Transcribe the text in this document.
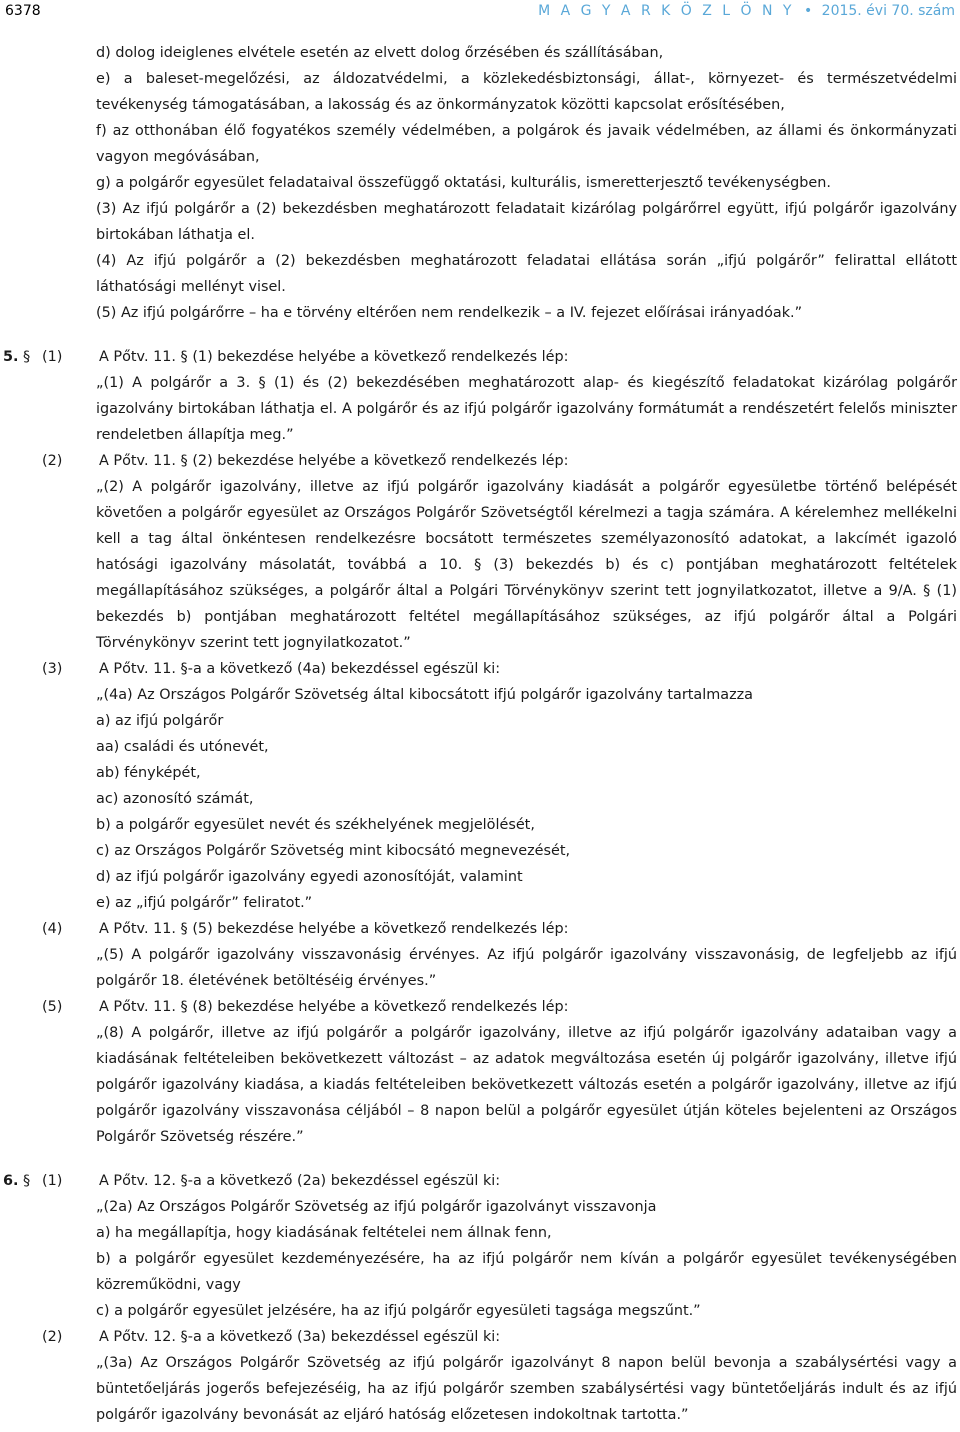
6378	M A G Y A R K Ö Z L Ö N Y • 2015. évi 70. szám
d) dolog ideiglenes elvétele esetén az elvett dolog őrzésében és szállításában,
e) a baleset-megelőzési, az áldozatvédelmi, a közlekedésbiztonsági, állat-, környezet- és természetvédelmi tevékenység támogatásában, a lakosság és az önkormányzatok közötti kapcsolat erősítésében,
f) az otthonában élő fogyatékos személy védelmében, a polgárok és javaik védelmében, az állami és önkormányzati vagyon megóvásában,
g) a polgárőr egyesület feladataival összefüggő oktatási, kulturális, ismeretterjesztő tevékenységben.
(3) Az ifjú polgárőr a (2) bekezdésben meghatározott feladatait kizárólag polgárőrrel együtt, ifjú polgárőr igazolvány birtokában láthatja el.
(4) Az ifjú polgárőr a (2) bekezdésben meghatározott feladatai ellátása során „ifjú polgárőr” felirattal ellátott láthatósági mellényt visel.
(5) Az ifjú polgárőrre – ha e törvény eltérően nem rendelkezik – a IV. fejezet előírásai irányadóak.”
5. § (1)	A Pőtv. 11. § (1) bekezdése helyébe a következő rendelkezés lép:
„(1) A polgárőr a 3. § (1) és (2) bekezdésében meghatározott alap- és kiegészítő feladatokat kizárólag polgárőr igazolvány birtokában láthatja el. A polgárőr és az ifjú polgárőr igazolvány formátumát a rendészetért felelős miniszter rendeletben állapítja meg.”
(2)	A Pőtv. 11. § (2) bekezdése helyébe a következő rendelkezés lép:
„(2) A polgárőr igazolvány, illetve az ifjú polgárőr igazolvány kiadását a polgárőr egyesületbe történő belépését követően a polgárőr egyesület az Országos Polgárőr Szövetségtől kérelmezi a tagja számára. A kérelemhez mellékelni kell a tag által önkéntesen rendelkezésre bocsátott természetes személyazonosító adatokat, a lakcímét igazoló hatósági igazolvány másolatát, továbbá a 10. § (3) bekezdés b) és c) pontjában meghatározott feltételek megállapításához szükséges, a polgárőr által a Polgári Törvénykönyv szerint tett jognyilatkozatot, illetve a 9/A. § (1) bekezdés b) pontjában meghatározott feltétel megállapításához szükséges, az ifjú polgárőr által a Polgári Törvénykönyv szerint tett jognyilatkozatot.”
(3)	A Pőtv. 11. §-a a következő (4a) bekezdéssel egészül ki:
„(4a) Az Országos Polgárőr Szövetség által kibocsátott ifjú polgárőr igazolvány tartalmazza
a) az ifjú polgárőr
aa) családi és utónevét,
ab) fényképét,
ac) azonosító számát,
b) a polgárőr egyesület nevét és székhelyének megjelölését,
c) az Országos Polgárőr Szövetség mint kibocsátó megnevezését,
d) az ifjú polgárőr igazolvány egyedi azonosítóját, valamint
e) az „ifjú polgárőr” feliratot.”
(4)	A Pőtv. 11. § (5) bekezdése helyébe a következő rendelkezés lép:
„(5) A polgárőr igazolvány visszavonásig érvényes. Az ifjú polgárőr igazolvány visszavonásig, de legfeljebb az ifjú polgárőr 18. életévének betöltéséig érvényes.”
(5)	A Pőtv. 11. § (8) bekezdése helyébe a következő rendelkezés lép:
„(8) A polgárőr, illetve az ifjú polgárőr a polgárőr igazolvány, illetve az ifjú polgárőr igazolvány adataiban vagy a kiadásának feltételeiben bekövetkezett változást – az adatok megváltozása esetén új polgárőr igazolvány, illetve ifjú polgárőr igazolvány kiadása, a kiadás feltételeiben bekövetkezett változás esetén a polgárőr igazolvány, illetve az ifjú polgárőr igazolvány visszavonása céljából – 8 napon belül a polgárőr egyesület útján köteles bejelenteni az Országos Polgárőr Szövetség részére.”
6. § (1)	A Pőtv. 12. §-a a következő (2a) bekezdéssel egészül ki:
„(2a) Az Országos Polgárőr Szövetség az ifjú polgárőr igazolványt visszavonja
a) ha megállapítja, hogy kiadásának feltételei nem állnak fenn,
b) a polgárőr egyesület kezdeményezésére, ha az ifjú polgárőr nem kíván a polgárőr egyesület tevékenységében közreműködni, vagy
c) a polgárőr egyesület jelzésére, ha az ifjú polgárőr egyesületi tagsága megszűnt.”
(2)	A Pőtv. 12. §-a a következő (3a) bekezdéssel egészül ki:
„(3a) Az Országos Polgárőr Szövetség az ifjú polgárőr igazolványt 8 napon belül bevonja a szabálysértési vagy a büntetőeljárás jogerős befejezéséig, ha az ifjú polgárőr szemben szabálysértési vagy büntetőeljárás indult és az ifjú polgárőr igazolvány bevonását az eljáró hatóság előzetesen indokoltnak tartotta.”
